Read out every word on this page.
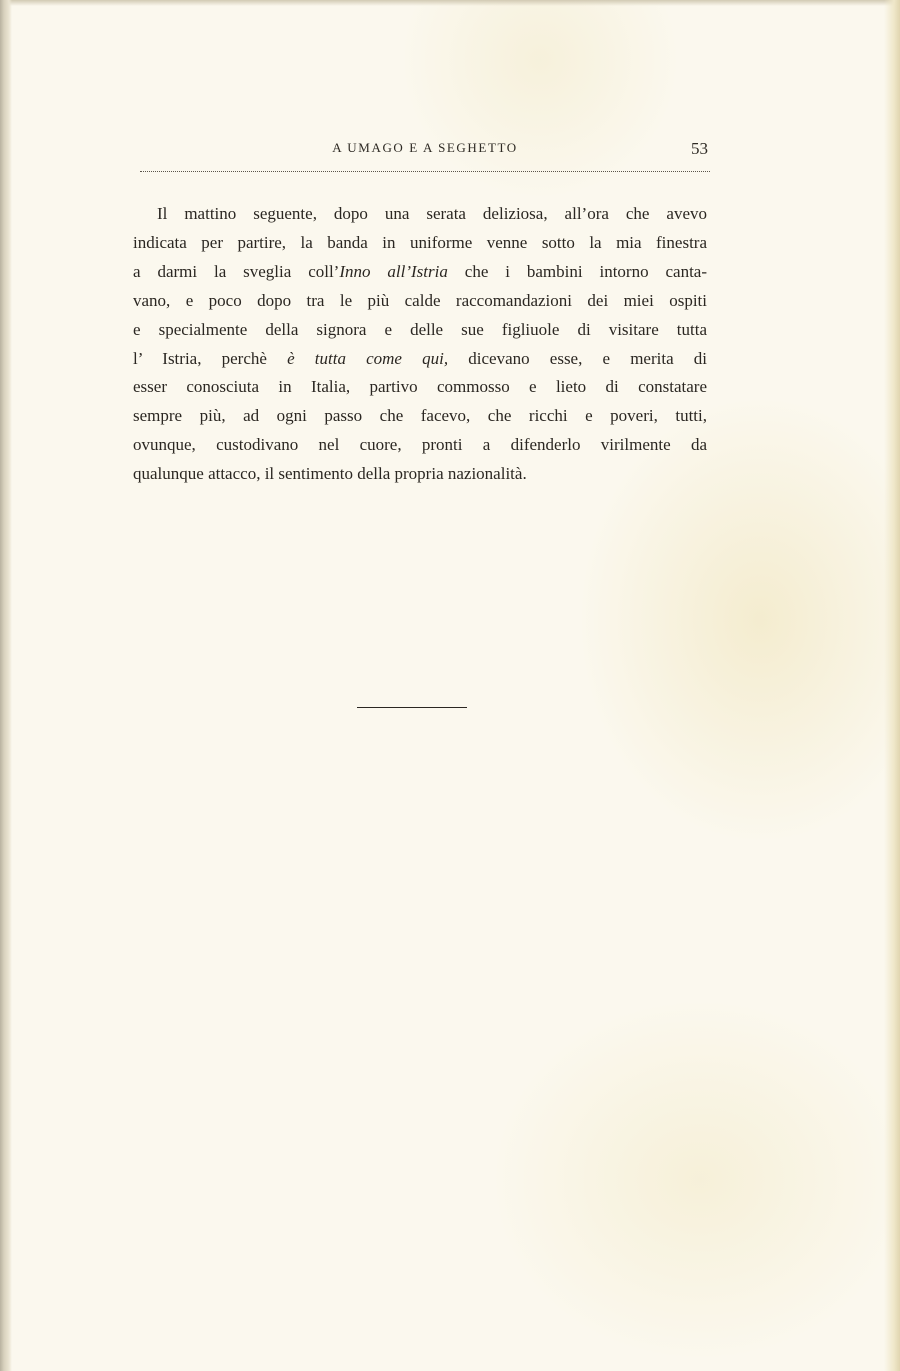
A UMAGO E A SEGHETTO	53
Il mattino seguente, dopo una serata deliziosa, all’ora che avevo
indicata per partire, la banda in uniforme venne sotto la mia finestra
a darmi la sveglia coll’Inno all’Istria che i bambini intorno canta-
vano, e poco dopo tra le più calde raccomandazioni dei miei ospiti
e specialmente della signora e delle sue figliuole di visitare tutta
l’ Istria, perchè è tutta come qui, dicevano esse, e merita di
esser conosciuta in Italia, partivo commosso e lieto di constatare
sempre più, ad ogni passo che facevo, che ricchi e poveri, tutti,
ovunque, custodivano nel cuore, pronti a difenderlo virilmente da
qualunque attacco, il sentimento della propria nazionalità.
